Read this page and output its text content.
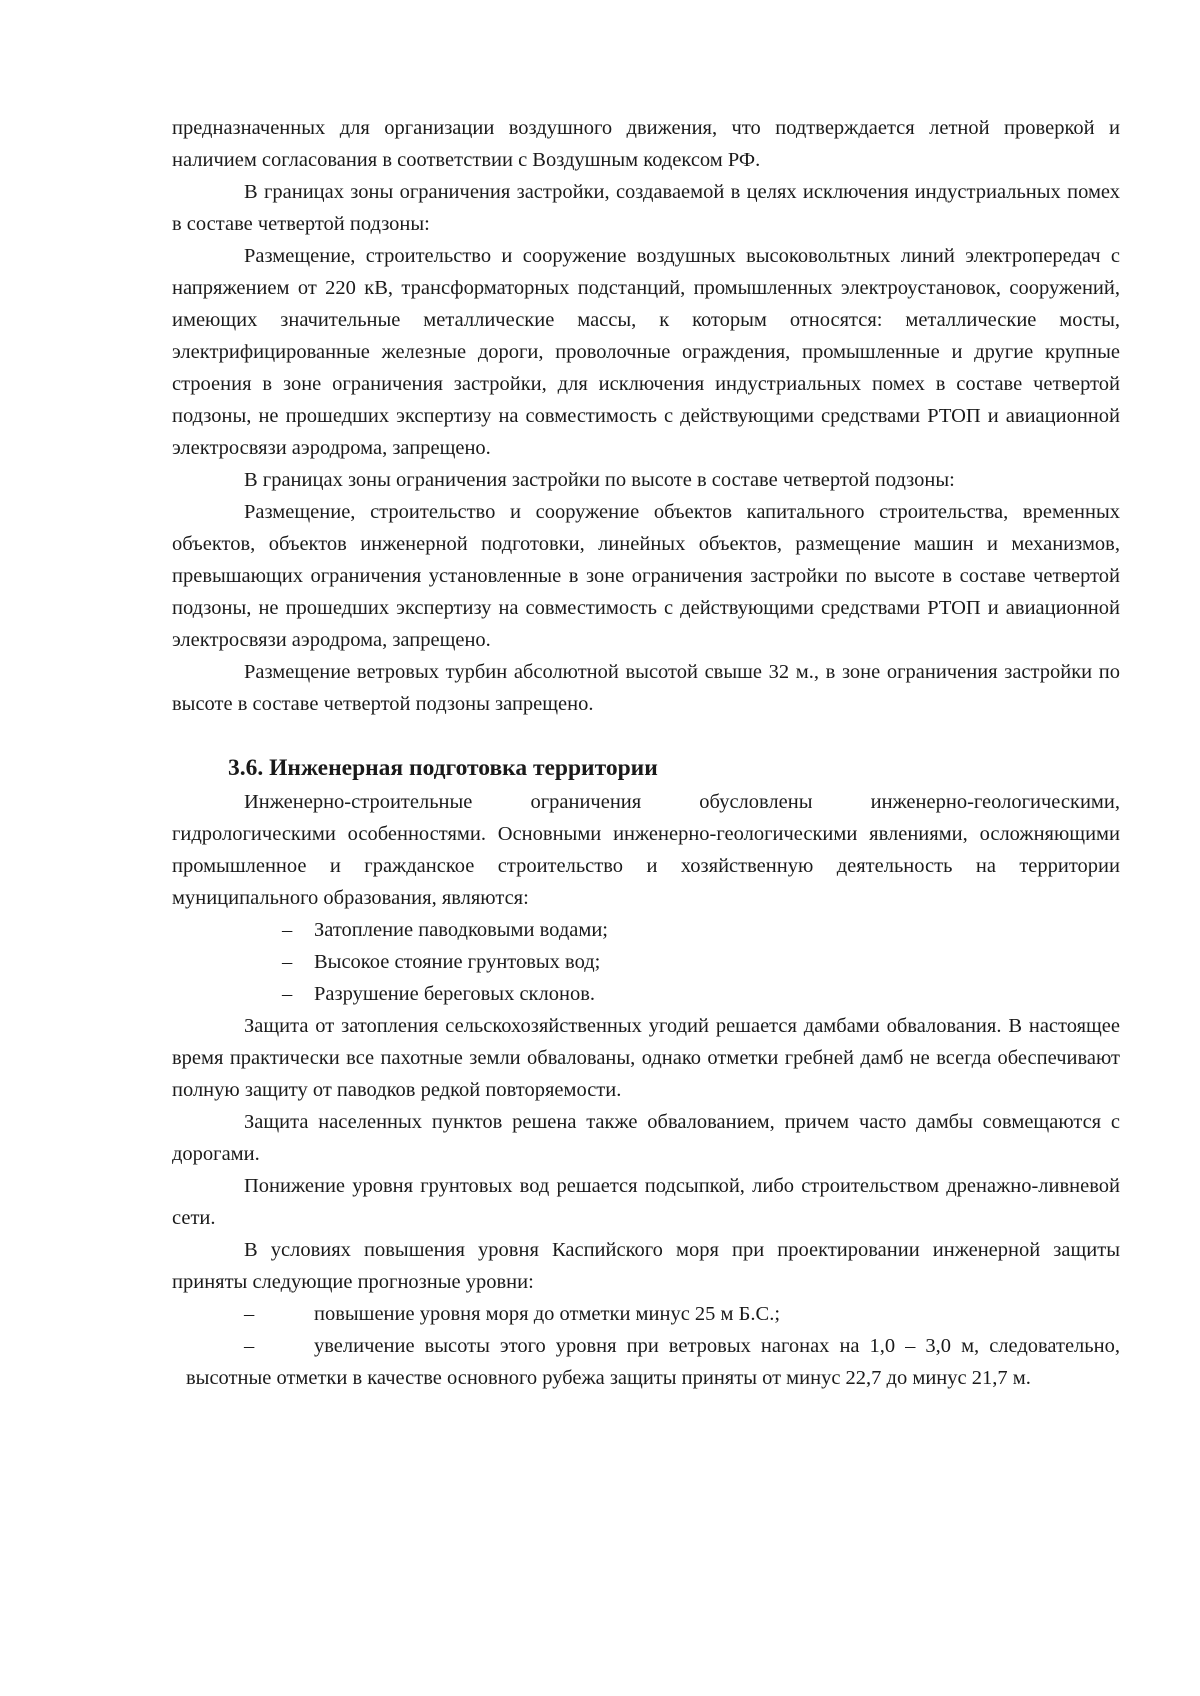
предназначенных для организации воздушного движения, что подтверждается летной проверкой и наличием согласования в соответствии с Воздушным кодексом РФ.

В границах зоны ограничения застройки, создаваемой в целях исключения индустриальных помех в составе четвертой подзоны:

Размещение, строительство и сооружение воздушных высоковольтных линий электропередач с напряжением от 220 кВ, трансформаторных подстанций, промышленных электроустановок, сооружений, имеющих значительные металлические массы, к которым относятся: металлические мосты, электрифицированные железные дороги, проволочные ограждения, промышленные и другие крупные строения в зоне ограничения застройки, для исключения индустриальных помех в составе четвертой подзоны, не прошедших экспертизу на совместимость с действующими средствами РТОП и авиационной электросвязи аэродрома, запрещено.

В границах зоны ограничения застройки по высоте в составе четвертой подзоны:

Размещение, строительство и сооружение объектов капитального строительства, временных объектов, объектов инженерной подготовки, линейных объектов, размещение машин и механизмов, превышающих ограничения установленные в зоне ограничения застройки по высоте в составе четвертой подзоны, не прошедших экспертизу на совместимость с действующими средствами РТОП и авиационной электросвязи аэродрома, запрещено.

Размещение ветровых турбин абсолютной высотой свыше 32 м., в зоне ограничения застройки по высоте в составе четвертой подзоны запрещено.

3.6. Инженерная подготовка территории

Инженерно-строительные ограничения обусловлены инженерно-геологическими, гидрологическими особенностями. Основными инженерно-геологическими явлениями, осложняющими промышленное и гражданское строительство и хозяйственную деятельность на территории муниципального образования, являются:

– Затопление паводковыми водами;
– Высокое стояние грунтовых вод;
– Разрушение береговых склонов.

Защита от затопления сельскохозяйственных угодий решается дамбами обвалования. В настоящее время практически все пахотные земли обвалованы, однако отметки гребней дамб не всегда обеспечивают полную защиту от паводков редкой повторяемости.

Защита населенных пунктов решена также обвалованием, причем часто дамбы совмещаются с дорогами.

Понижение уровня грунтовых вод решается подсыпкой, либо строительством дренажно-ливневой сети.

В условиях повышения уровня Каспийского моря при проектировании инженерной защиты приняты следующие прогнозные уровни:

–	повышение уровня моря до отметки минус 25 м Б.С.;
–	увеличение высоты этого уровня при ветровых нагонах на 1,0 – 3,0 м, следовательно, высотные отметки в качестве основного рубежа защиты приняты от минус 22,7 до минус 21,7 м.
